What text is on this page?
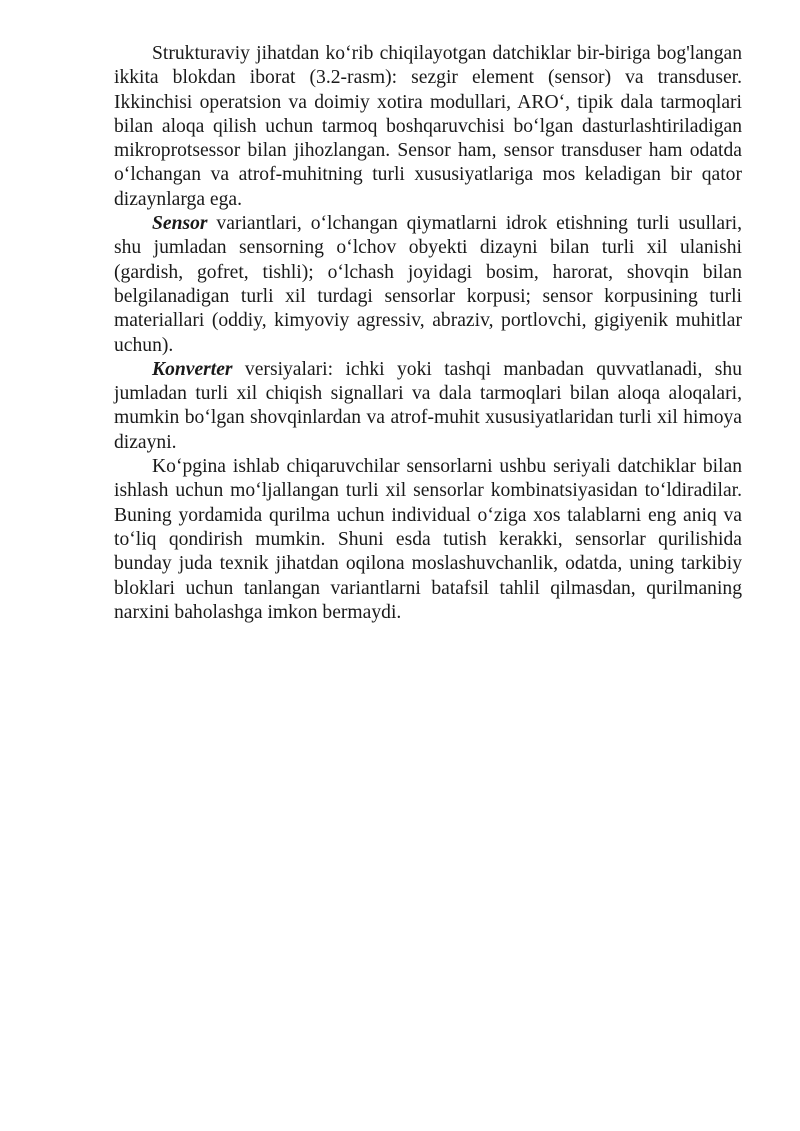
Strukturaviy jihatdan ko‘rib chiqilayotgan datchiklar bir-biriga bog'langan ikkita blokdan iborat (3.2-rasm): sezgir element (sensor) va transduser. Ikkinchisi operatsion va doimiy xotira modullari, ARO‘, tipik dala tarmoqlari bilan aloqa qilish uchun tarmoq boshqaruvchisi bo‘lgan dasturlashtiriladigan mikroprotsessor bilan jihozlangan. Sensor ham, sensor transduser ham odatda o‘lchangan va atrof-muhitning turli xususiyatlariga mos keladigan bir qator dizaynlarga ega.

Sensor variantlari, o‘lchangan qiymatlarni idrok etishning turli usullari, shu jumladan sensorning o‘lchov obyekti dizayni bilan turli xil ulanishi (gardish, gofret, tishli); o‘lchash joyidagi bosim, harorat, shovqin bilan belgilanadigan turli xil turdagi sensorlar korpusi; sensor korpusining turli materiallari (oddiy, kimyoviy agressiv, abraziv, portlovchi, gigiyenik muhitlar uchun).

Konverter versiyalari: ichki yoki tashqi manbadan quvvatlanadi, shu jumladan turli xil chiqish signallari va dala tarmoqlari bilan aloqa aloqalari, mumkin bo‘lgan shovqinlardan va atrof-muhit xususiyatlaridan turli xil himoya dizayni.

Ko‘pgina ishlab chiqaruvchilar sensorlarni ushbu seriyali datchiklar bilan ishlash uchun mo‘ljallangan turli xil sensorlar kombinatsiyasidan to‘ldiradilar. Buning yordamida qurilma uchun individual o‘ziga xos talablarni eng aniq va to‘liq qondirish mumkin. Shuni esda tutish kerakki, sensorlar qurilishida bunday juda texnik jihatdan oqilona moslashuvchanlik, odatda, uning tarkibiy bloklari uchun tanlangan variantlarni batafsil tahlil qilmasdan, qurilmaning narxini baholashga imkon bermaydi.
